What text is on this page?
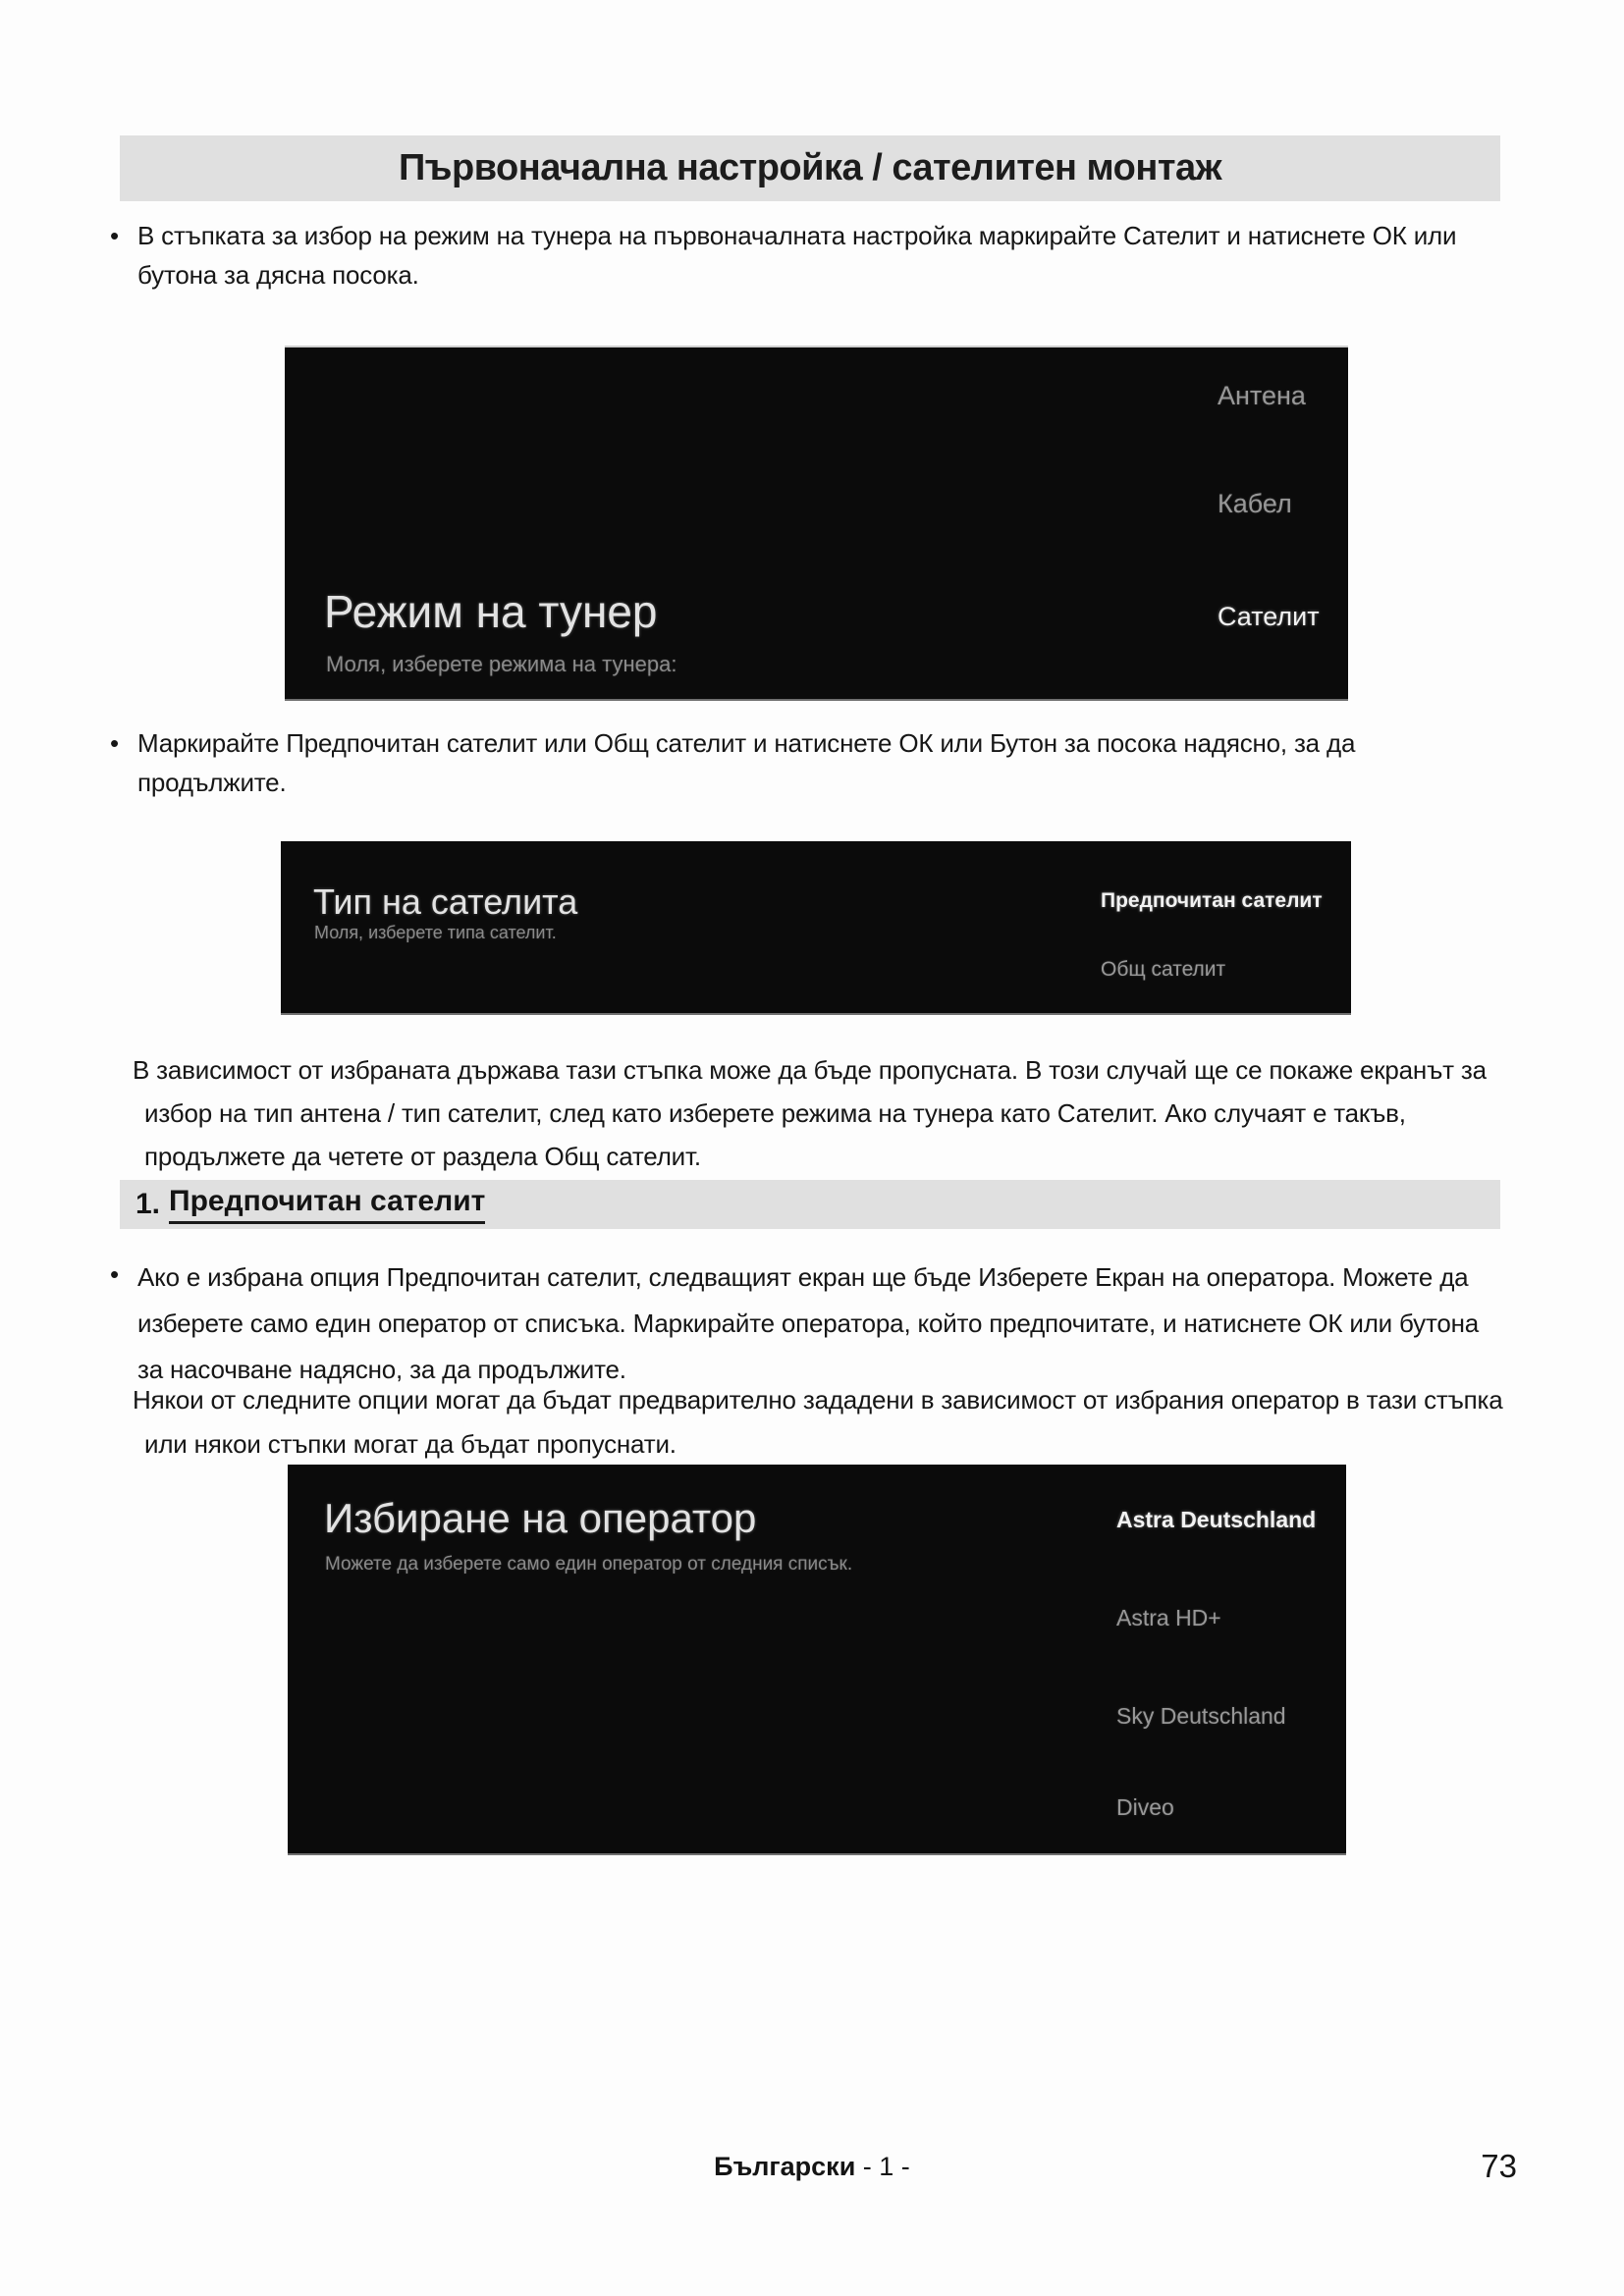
Първоначална настройка / сателитен монтаж
•
В стъпката за избор на режим на тунера на първоначалната настройка маркирайте Сателит и натиснете ОК или бутона за дясна посока.
Режим на тунер
Моля, изберете режима на тунера:
Антена
Кабел
Сателит
•
Маркирайте Предпочитан сателит или Общ сателит и натиснете ОК или Бутон за посока надясно, за да продължите.
Тип на сателита
Моля, изберете типа сателит.
Предпочитан сателит
Общ сателит
В зависимост от избраната държава тази стъпка може да бъде пропусната. В този случай ще се покаже екранът за избор на тип антена / тип сателит, след като изберете режима на тунера като Сателит. Ако случаят е такъв, продължете да четете от раздела Общ сателит.
1. Предпочитан сателит
•
Ако е избрана опция Предпочитан сателит, следващият екран ще бъде Изберете Екран на оператора. Можете да изберете само един оператор от списъка. Маркирайте оператора, който предпочитате, и натиснете ОК или бутона за насочване надясно, за да продължите.
Някои от следните опции могат да бъдат предварително зададени в зависимост от избрания оператор в тази стъпка или някои стъпки могат да бъдат пропуснати.
Избиране на оператор
Можете да изберете само един оператор от следния списък.
Astra Deutschland
Astra HD+
Sky Deutschland
Diveo
Български - 1 -	73
